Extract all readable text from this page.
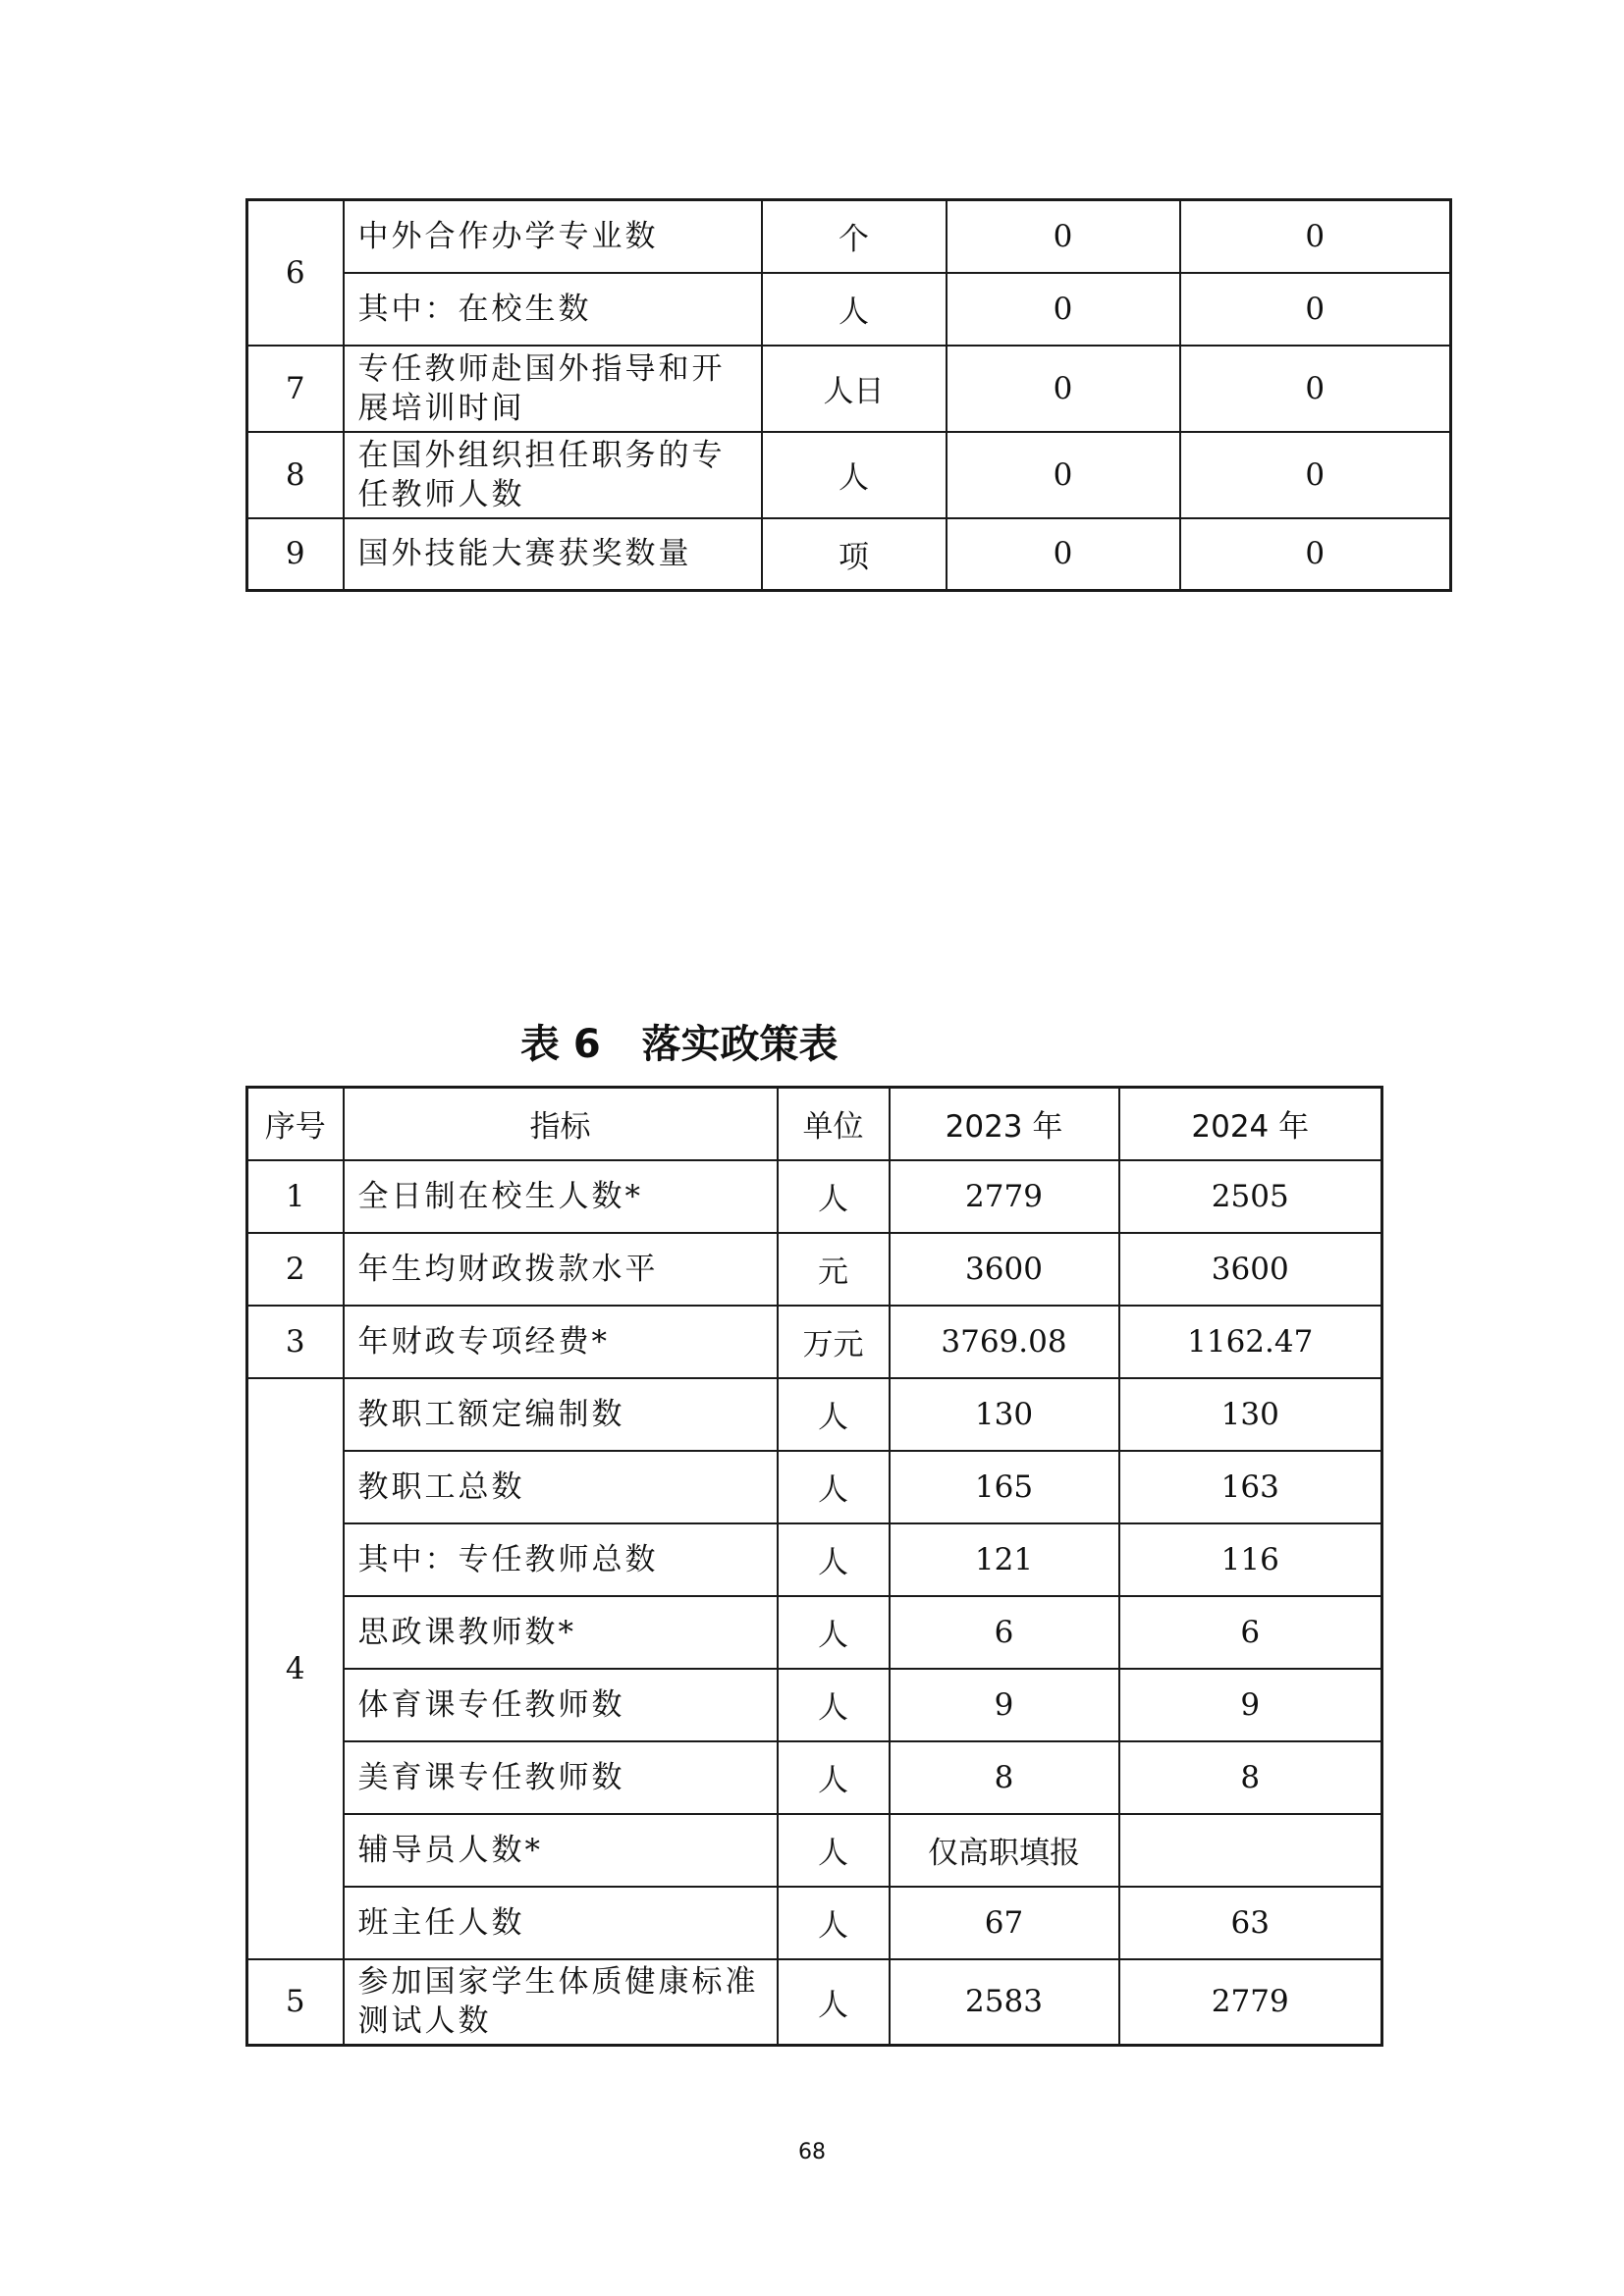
6	中外合作办学专业数	个	0	0
	其中：在校生数	人	0	0
7	专任教师赴国外指导和开展培训时间	人日	0	0
8	在国外组织担任职务的专任教师人数	人	0	0
9	国外技能大赛获奖数量	项	0	0
表 6   落实政策表
序号	指标	单位	2023 年	2024 年
1	全日制在校生人数*	人	2779	2505
2	年生均财政拨款水平	元	3600	3600
3	年财政专项经费*	万元	3769.08	1162.47
4	教职工额定编制数	人	130	130
	教职工总数	人	165	163
	其中：专任教师总数	人	121	116
	思政课教师数*	人	6	6
	体育课专任教师数	人	9	9
	美育课专任教师数	人	8	8
	辅导员人数*	人	仅高职填报	
	班主任人数	人	67	63
5	参加国家学生体质健康标准测试人数	人	2583	2779
68
